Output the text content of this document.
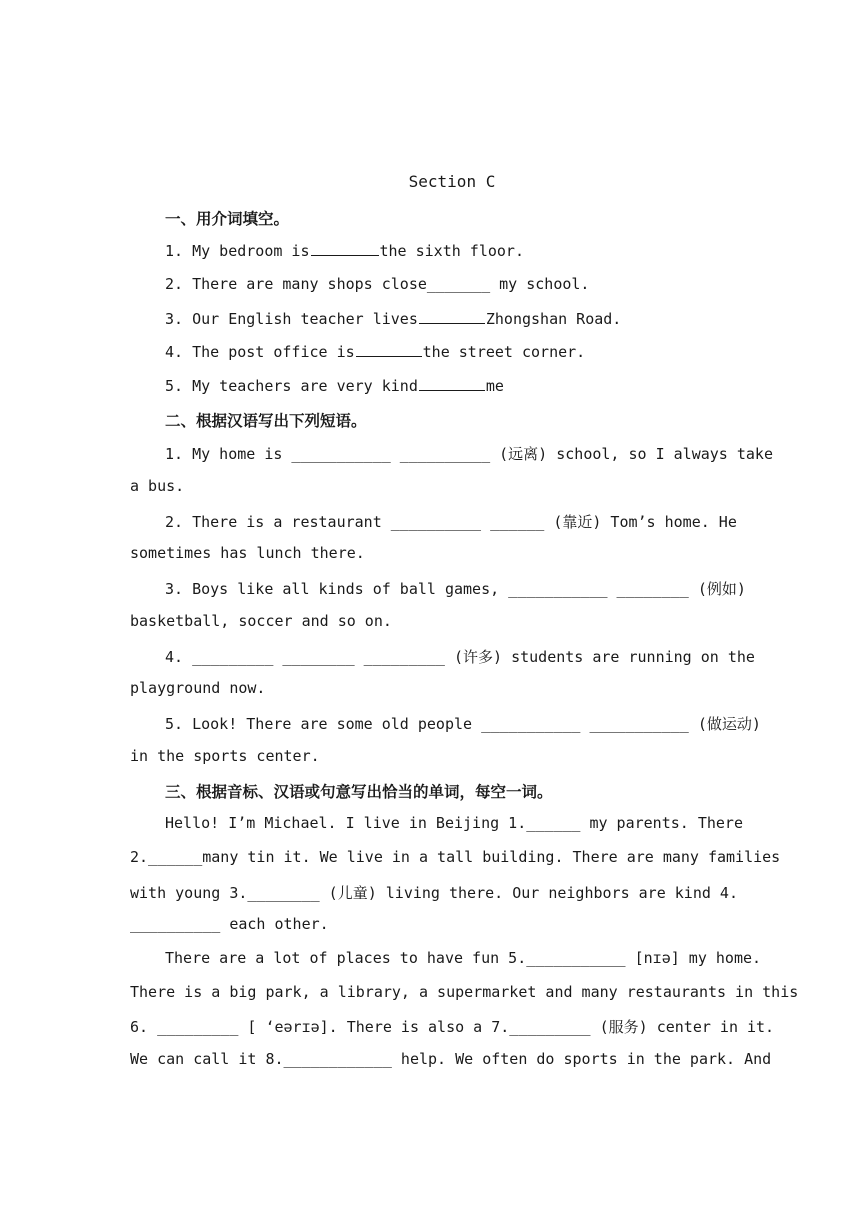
Section C
一、用介词填空。
1. My bedroom is	the sixth floor.
2. There are many shops close_______ my school.
3. Our English teacher lives	Zhongshan Road.
4. The post office is	the street corner.
5. My teachers are very kind	me
二、根据汉语写出下列短语。
1. My home is ___________ __________ (远离) school, so I always take
a bus.
2. There is a restaurant __________ ______ (靠近) Tom’s home. He
sometimes has lunch there.
3. Boys like all kinds of ball games, ___________ ________ (例如)
basketball, soccer and so on.
4. _________ ________ _________ (许多) students are running on the
playground now.
5. Look! There are some old people ___________ ___________ (做运动)
in the sports center.
三、根据音标、汉语或句意写出恰当的单词，每空一词。
Hello! I’m Michael. I live in Beijing 1.______ my parents. There
2.______many tin it. We live in a tall building. There are many families
with young 3.________ (儿童) living there. Our neighbors are kind 4.
__________ each other.
There are a lot of places to have fun 5.___________ [nɪə] my home.
There is a big park, a library, a supermarket and many restaurants in this
6. _________ [ ‘eərɪə]. There is also a 7._________ (服务) center in it.
We can call it 8.____________ help. We often do sports in the park. And
